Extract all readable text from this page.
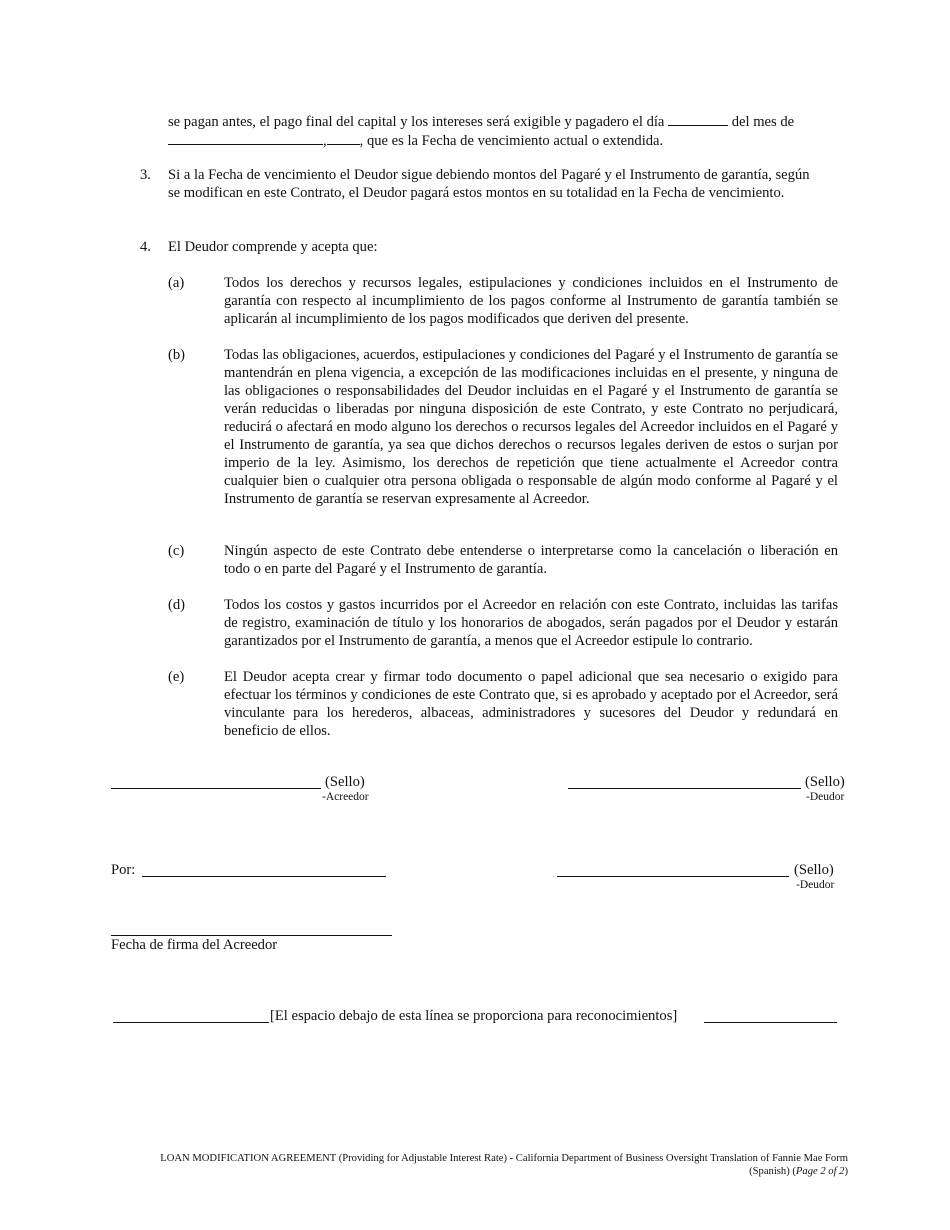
se pagan antes, el pago final del capital y los intereses será exigible y pagadero el día	del mes de
, , que es la Fecha de vencimiento actual o extendida.
3. Si a la Fecha de vencimiento el Deudor sigue debiendo montos del Pagaré y el Instrumento de garantía, según se modifican en este Contrato, el Deudor pagará estos montos en su totalidad en la Fecha de vencimiento.
4. El Deudor comprende y acepta que:
(a)	Todos los derechos y recursos legales, estipulaciones y condiciones incluidos en el Instrumento de garantía con respecto al incumplimiento de los pagos conforme al Instrumento de garantía también se aplicarán al incumplimiento de los pagos modificados que deriven del presente.
(b)	Todas las obligaciones, acuerdos, estipulaciones y condiciones del Pagaré y el Instrumento de garantía se mantendrán en plena vigencia, a excepción de las modificaciones incluidas en el presente, y ninguna de las obligaciones o responsabilidades del Deudor incluidas en el Pagaré y el Instrumento de garantía se verán reducidas o liberadas por ninguna disposición de este Contrato, y este Contrato no perjudicará, reducirá o afectará en modo alguno los derechos o recursos legales del Acreedor incluidos en el Pagaré y el Instrumento de garantía, ya sea que dichos derechos o recursos legales deriven de estos o surjan por imperio de la ley. Asimismo, los derechos de repetición que tiene actualmente el Acreedor contra cualquier bien o cualquier otra persona obligada o responsable de algún modo conforme al Pagaré y el Instrumento de garantía se reservan expresamente al Acreedor.
(c)	Ningún aspecto de este Contrato debe entenderse o interpretarse como la cancelación o liberación en todo o en parte del Pagaré y el Instrumento de garantía.
(d)	Todos los costos y gastos incurridos por el Acreedor en relación con este Contrato, incluidas las tarifas de registro, examinación de título y los honorarios de abogados, serán pagados por el Deudor y estarán garantizados por el Instrumento de garantía, a menos que el Acreedor estipule lo contrario.
(e)	El Deudor acepta crear y firmar todo documento o papel adicional que sea necesario o exigido para efectuar los términos y condiciones de este Contrato que, si es aprobado y aceptado por el Acreedor, será vinculante para los herederos, albaceas, administradores y sucesores del Deudor y redundará en beneficio de ellos.
(Sello)
-Acreedor
(Sello)
-Deudor
Por:	(Sello)
-Deudor
Fecha de firma del Acreedor
[El espacio debajo de esta línea se proporciona para reconocimientos]
LOAN MODIFICATION AGREEMENT (Providing for Adjustable Interest Rate) - California Department of Business Oversight Translation of Fannie Mae Form
(Spanish) (Page 2 of 2)
